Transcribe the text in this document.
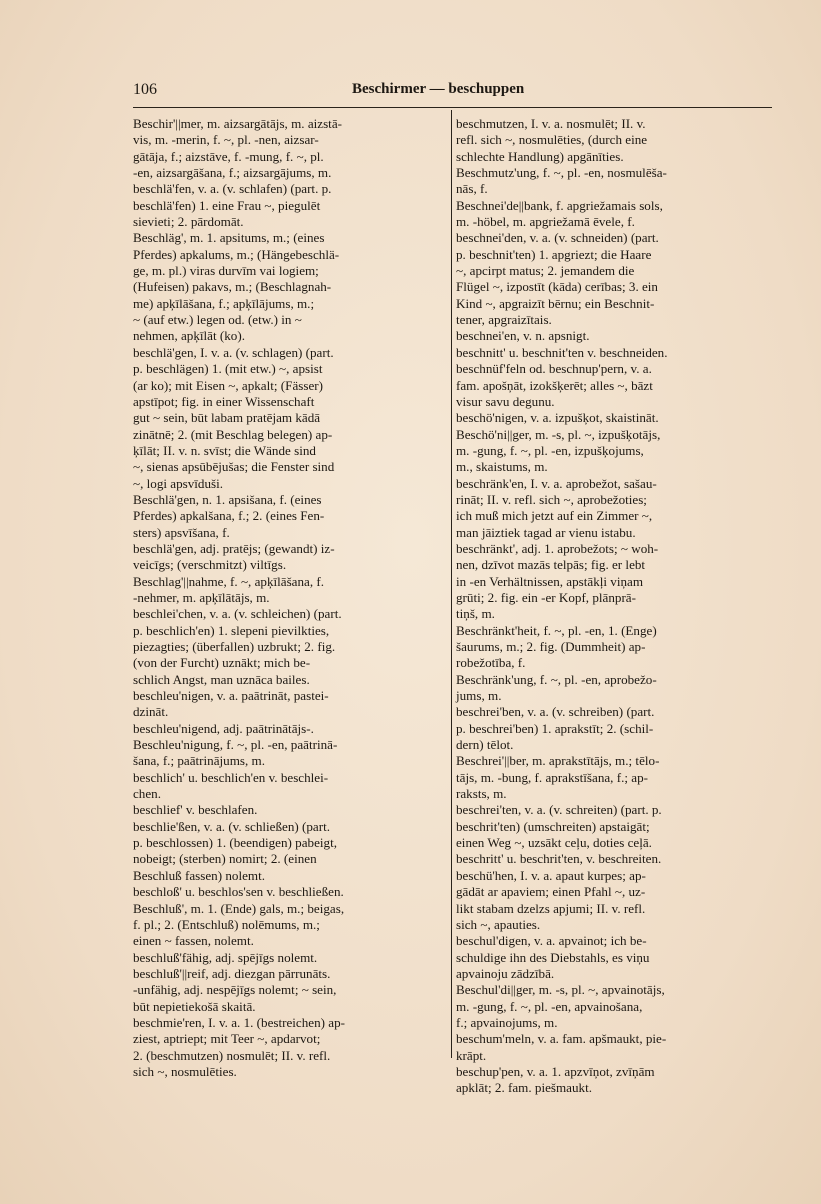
106	Beschirmer — beschuppen
Beschir'||mer, m. aizsargātājs, m. aizstā-
vis, m. -merin, f. ~, pl. -nen, aizsar-
gātāja, f.; aizstāve, f. -mung, f. ~, pl.
-en, aizsargāšana, f.; aizsargājums, m.
beschlä'fen, v. a. (v. schlafen) (part. p.
beschlä'fen) 1. eine Frau ~, piegulēt
sievieti; 2. pārdomāt.
Beschläg', m. 1. apsitums, m.; (eines
Pferdes) apkalums, m.; (Hängebeschlä-
ge, m. pl.) viras durvīm vai logiem;
(Hufeisen) pakavs, m.; (Beschlagnah-
me) apķīlāšana, f.; apķīlājums, m.;
~ (auf etw.) legen od. (etw.) in ~
nehmen, apķīlāt (ko).
beschlä'gen, I. v. a. (v. schlagen) (part.
p. beschlägen) 1. (mit etw.) ~, apsist
(ar ko); mit Eisen ~, apkalt; (Fässer)
apstīpot; fig. in einer Wissenschaft
gut ~ sein, būt labam pratējam kādā
zinātnē; 2. (mit Beschlag belegen) ap-
ķīlāt; II. v. n. svīst; die Wände sind
~, sienas apsūbējušas; die Fenster sind
~, logi apsvīduši.
Beschlä'gen, n. 1. apsišana, f. (eines
Pferdes) apkalšana, f.; 2. (eines Fen-
sters) apsvīšana, f.
beschlä'gen, adj. pratējs; (gewandt) iz-
veicīgs; (verschmitzt) viltīgs.
Beschlag'||nahme, f. ~, apķīlāšana, f.
-nehmer, m. apķīlātājs, m.
beschlei'chen, v. a. (v. schleichen) (part.
p. beschlich'en) 1. slepeni pievilkties,
piezagties; (überfallen) uzbrukt; 2. fig.
(von der Furcht) uznākt; mich be-
schlich Angst, man uznāca bailes.
beschleu'nigen, v. a. paātrināt, pastei-
dzināt.
beschleu'nigend, adj. paātrinātājs-.
Beschleu'nigung, f. ~, pl. -en, paātrinā-
šana, f.; paātrinājums, m.
beschlich' u. beschlich'en v. beschlei-
chen.
beschlief' v. beschlafen.
beschlie'ßen, v. a. (v. schließen) (part.
p. beschlossen) 1. (beendigen) pabeigt,
nobeigt; (sterben) nomirt; 2. (einen
Beschluß fassen) nolemt.
beschloß' u. beschlos'sen v. beschließen.
Beschluß', m. 1. (Ende) gals, m.; beigas,
f. pl.; 2. (Entschluß) nolēmums, m.;
einen ~ fassen, nolemt.
beschluß'fähig, adj. spējīgs nolemt.
beschluß'||reif, adj. diezgan pārrunāts.
-unfähig, adj. nespējīgs nolemt; ~ sein,
būt nepietiekošā skaitā.
beschmie'ren, I. v. a. 1. (bestreichen) ap-
ziest, aptriept; mit Teer ~, apdarvot;
2. (beschmutzen) nosmulēt; II. v. refl.
sich ~, nosmulēties.
beschmutzen, I. v. a. nosmulēt; II. v.
refl. sich ~, nosmulēties, (durch eine
schlechte Handlung) apgānīties.
Beschmutz'ung, f. ~, pl. -en, nosmulēša-
nās, f.
Beschnei'de||bank, f. apgriežamais sols,
m. -höbel, m. apgriežamā ēvele, f.
beschnei'den, v. a. (v. schneiden) (part.
p. beschnit'ten) 1. apgriezt; die Haare
~, apcirpt matus; 2. jemandem die
Flügel ~, izpostīt (kāda) cerības; 3. ein
Kind ~, apgraizīt bērnu; ein Beschnit-
tener, apgraizītais.
beschnei'en, v. n. apsnigt.
beschnitt' u. beschnit'ten v. beschneiden.
beschnüf'feln od. beschnup'pern, v. a.
fam. apošņāt, izokšķerēt; alles ~, bāzt
visur savu degunu.
beschö'nigen, v. a. izpušķot, skaistināt.
Beschö'ni||ger, m. -s, pl. ~, izpušķotājs,
m. -gung, f. ~, pl. -en, izpušķojums,
m., skaistums, m.
beschränk'en, I. v. a. aprobežot, sašau-
rināt; II. v. refl. sich ~, aprobežoties;
ich muß mich jetzt auf ein Zimmer ~,
man jāiztiek tagad ar vienu istabu.
beschränkt', adj. 1. aprobežots; ~ woh-
nen, dzīvot mazās telpās; fig. er lebt
in -en Verhältnissen, apstākļi viņam
grūti; 2. fig. ein -er Kopf, plānprā-
tiņš, m.
Beschränkt'heit, f. ~, pl. -en, 1. (Enge)
šaurums, m.; 2. fig. (Dummheit) ap-
robežotība, f.
Beschränk'ung, f. ~, pl. -en, aprobežo-
jums, m.
beschrei'ben, v. a. (v. schreiben) (part.
p. beschrei'ben) 1. aprakstīt; 2. (schil-
dern) tēlot.
Beschrei'||ber, m. aprakstītājs, m.; tēlo-
tājs, m. -bung, f. aprakstīšana, f.; ap-
raksts, m.
beschrei'ten, v. a. (v. schreiten) (part. p.
beschrit'ten) (umschreiten) apstaigāt;
einen Weg ~, uzsākt ceļu, doties ceļā.
beschritt' u. beschrit'ten, v. beschreiten.
beschü'hen, I. v. a. apaut kurpes; ap-
gādāt ar apaviem; einen Pfahl ~, uz-
likt stabam dzelzs apjumi; II. v. refl.
sich ~, apauties.
beschul'digen, v. a. apvainot; ich be-
schuldige ihn des Diebstahls, es viņu
apvainoju zādzībā.
Beschul'di||ger, m. -s, pl. ~, apvainotājs,
m. -gung, f. ~, pl. -en, apvainošana,
f.; apvainojums, m.
beschum'meln, v. a. fam. apšmaukt, pie-
krāpt.
beschup'pen, v. a. 1. apzvīņot, zvīņām
apklāt; 2. fam. piešmaukt.
